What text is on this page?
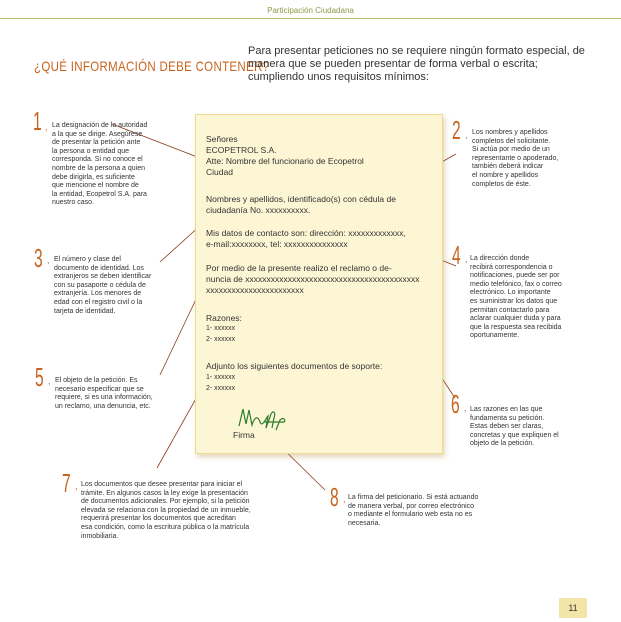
Participación Ciudadana
¿QUÉ INFORMACIÓN DEBE CONTENER?
Para presentar peticiones no se requiere ningún formato especial, de manera que se pueden presentar de forma verbal o escrita; cumpliendo unos requisitos mínimos:
Señores
ECOPETROL S.A.
Atte: Nombre del funcionario de Ecopetrol
Ciudad
Nombres y apellidos, identificado(s) con cédula de
ciudadanía No. xxxxxxxxxx.
Mis datos de contacto son: dirección: xxxxxxxxxxxxx,
e-mail:xxxxxxxx, tel: xxxxxxxxxxxxxxx
Por medio de la presente realizo el reclamo o de-
nuncia de xxxxxxxxxxxxxxxxxxxxxxxxxxxxxxxxxxxxxxxxx
xxxxxxxxxxxxxxxxxxxxxxx
Razones:
1- xxxxxx
2- xxxxxx
Adjunto los siguientes documentos de soporte:
1- xxxxxx
2- xxxxxx
Firma
1 , La designación de la autoridad
a la que se dirige. Asegúrese
de presentar la petición ante
la persona o entidad que
corresponda. Si no conoce el
nombre de la persona a quien
debe dirigirla, es suficiente
que mencione el nombre de
la entidad, Ecopetrol S.A. para
nuestro caso.
2 , Los nombres y apellidos
completos del solicitante.
Si actúa por medio de un
representante o apoderado,
también deberá indicar
el nombre y apellidos
completos de éste.
3 , El número y clase del
documento de identidad. Los
extranjeros se deben identificar
con su pasaporte o cédula de
extranjería. Los menores de
edad con el registro civil o la
tarjeta de identidad.
4 , La dirección donde
recibirá correspondencia o
notificaciones, puede ser por
medio telefónico, fax o correo
electrónico. Lo importante
es suministrar los datos que
permitan contactarlo para
aclarar cualquier duda y para
que la respuesta sea recibida
oportunamente.
5 , El objeto de la petición. Es
necesario especificar que se
requiere, si es una información,
un reclamo, una denuncia, etc.	6 , Las razones en las que
fundamenta su petición.
Estas deben ser claras,
concretas y que expliquen el
objeto de la petición.
7 , Los documentos que desee presentar para iniciar el
trámite. En algunos casos la ley exige la presentación
de documentos adicionales. Por ejemplo, si la petición
elevada se relaciona con la propiedad de un inmueble,
requerirá presentar los documentos que acreditan
esa condición, como la escritura pública o la matrícula
inmobiliaria.
8 , La firma del peticionario. Si está actuando
de manera verbal, por correo electrónico
o mediante el formulario web esta no es
necesaria.
11
